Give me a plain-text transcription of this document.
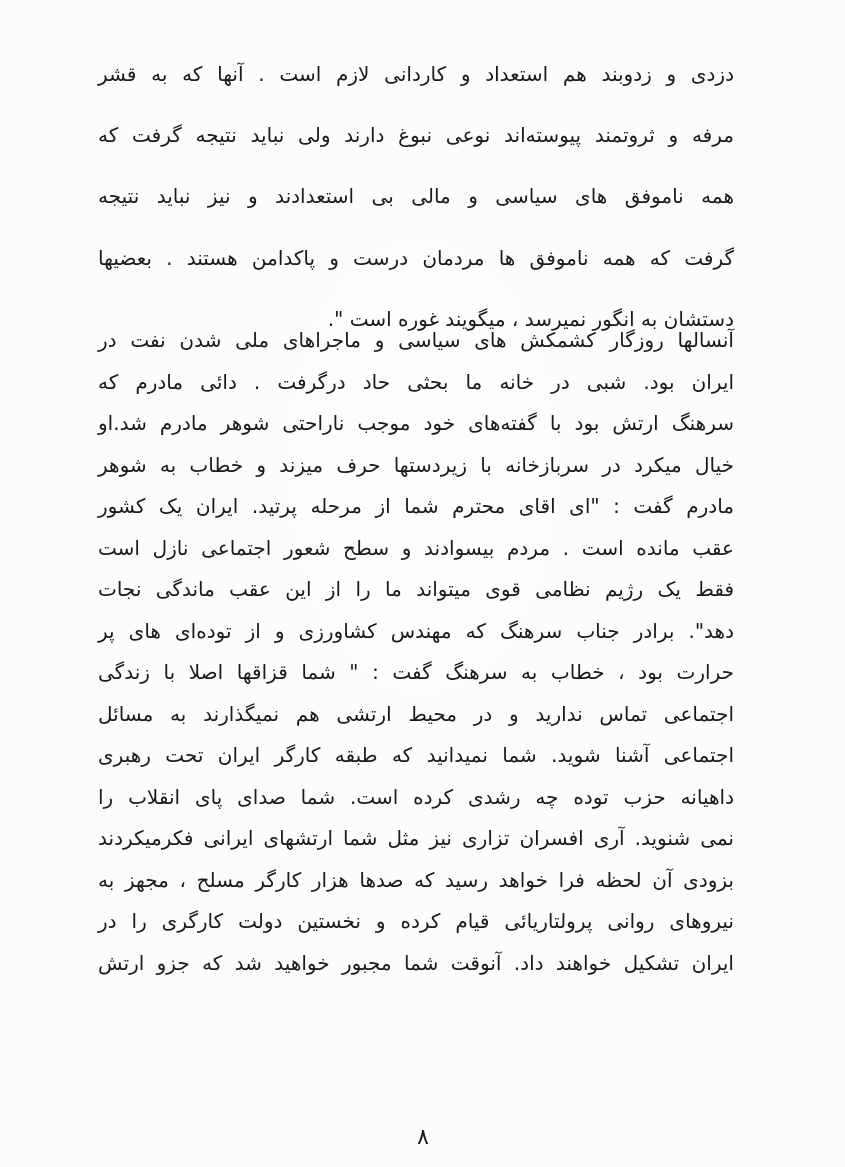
دزدی و زدوبند هم استعداد و کاردانی لازم است . آنها که به قشر

مرفه و ثروتمند پیوسته‌اند نوعی نبوغ دارند ولی نباید نتیجه گرفت که

همه ناموفق های سیاسی و مالی بی استعدادند و نیز نباید نتیجه

گرفت که همه ناموفق ها مردمان درست و پاکدامن هستند . بعضیها

دستشان به انگور نمیرسد ، میگویند غوره است ".

آنسالها روزگار کشمکش های سیاسی و ماجراهای ملی شدن نفت در

ایران بود. شبی در خانه ما بحثی حاد درگرفت . دائی مادرم که

سرهنگ ارتش بود با گفته‌های خود موجب ناراحتی شوهر مادرم شد.او

خیال میکرد در سربازخانه با زیردستها حرف میزند و خطاب به شوهر

مادرم گفت : "ای اقای محترم شما از مرحله پرتید. ایران یک کشور

عقب مانده است . مردم بیسوادند و سطح شعور اجتماعی نازل است

فقط یک رژیم نظامی قوی میتواند ما را از این عقب ماندگی نجات

دهد". برادر جناب سرهنگ که مهندس کشاورزی و از توده‌ای های پر

حرارت بود ، خطاب به سرهنگ گفت : " شما قزاقها اصلا با زندگی

اجتماعی تماس ندارید و در محیط ارتشی هم نمیگذارند به مسائل

اجتماعی آشنا شوید. شما نمیدانید که طبقه کارگر ایران تحت رهبری

داهیانه حزب توده چه رشدی کرده است. شما صدای پای انقلاب را

نمی شنوید. آری افسران تزاری نیز مثل شما ارتشهای ایرانی فکرمیکردند

بزودی آن لحظه فرا خواهد رسید که صدها هزار کارگر مسلح ، مجهز به

نیروهای روانی پرولتاریائی قیام کرده و نخستین دولت کارگری را در

ایران تشکیل خواهند داد. آنوقت شما مجبور خواهید شد که جزو ارتش

۸
